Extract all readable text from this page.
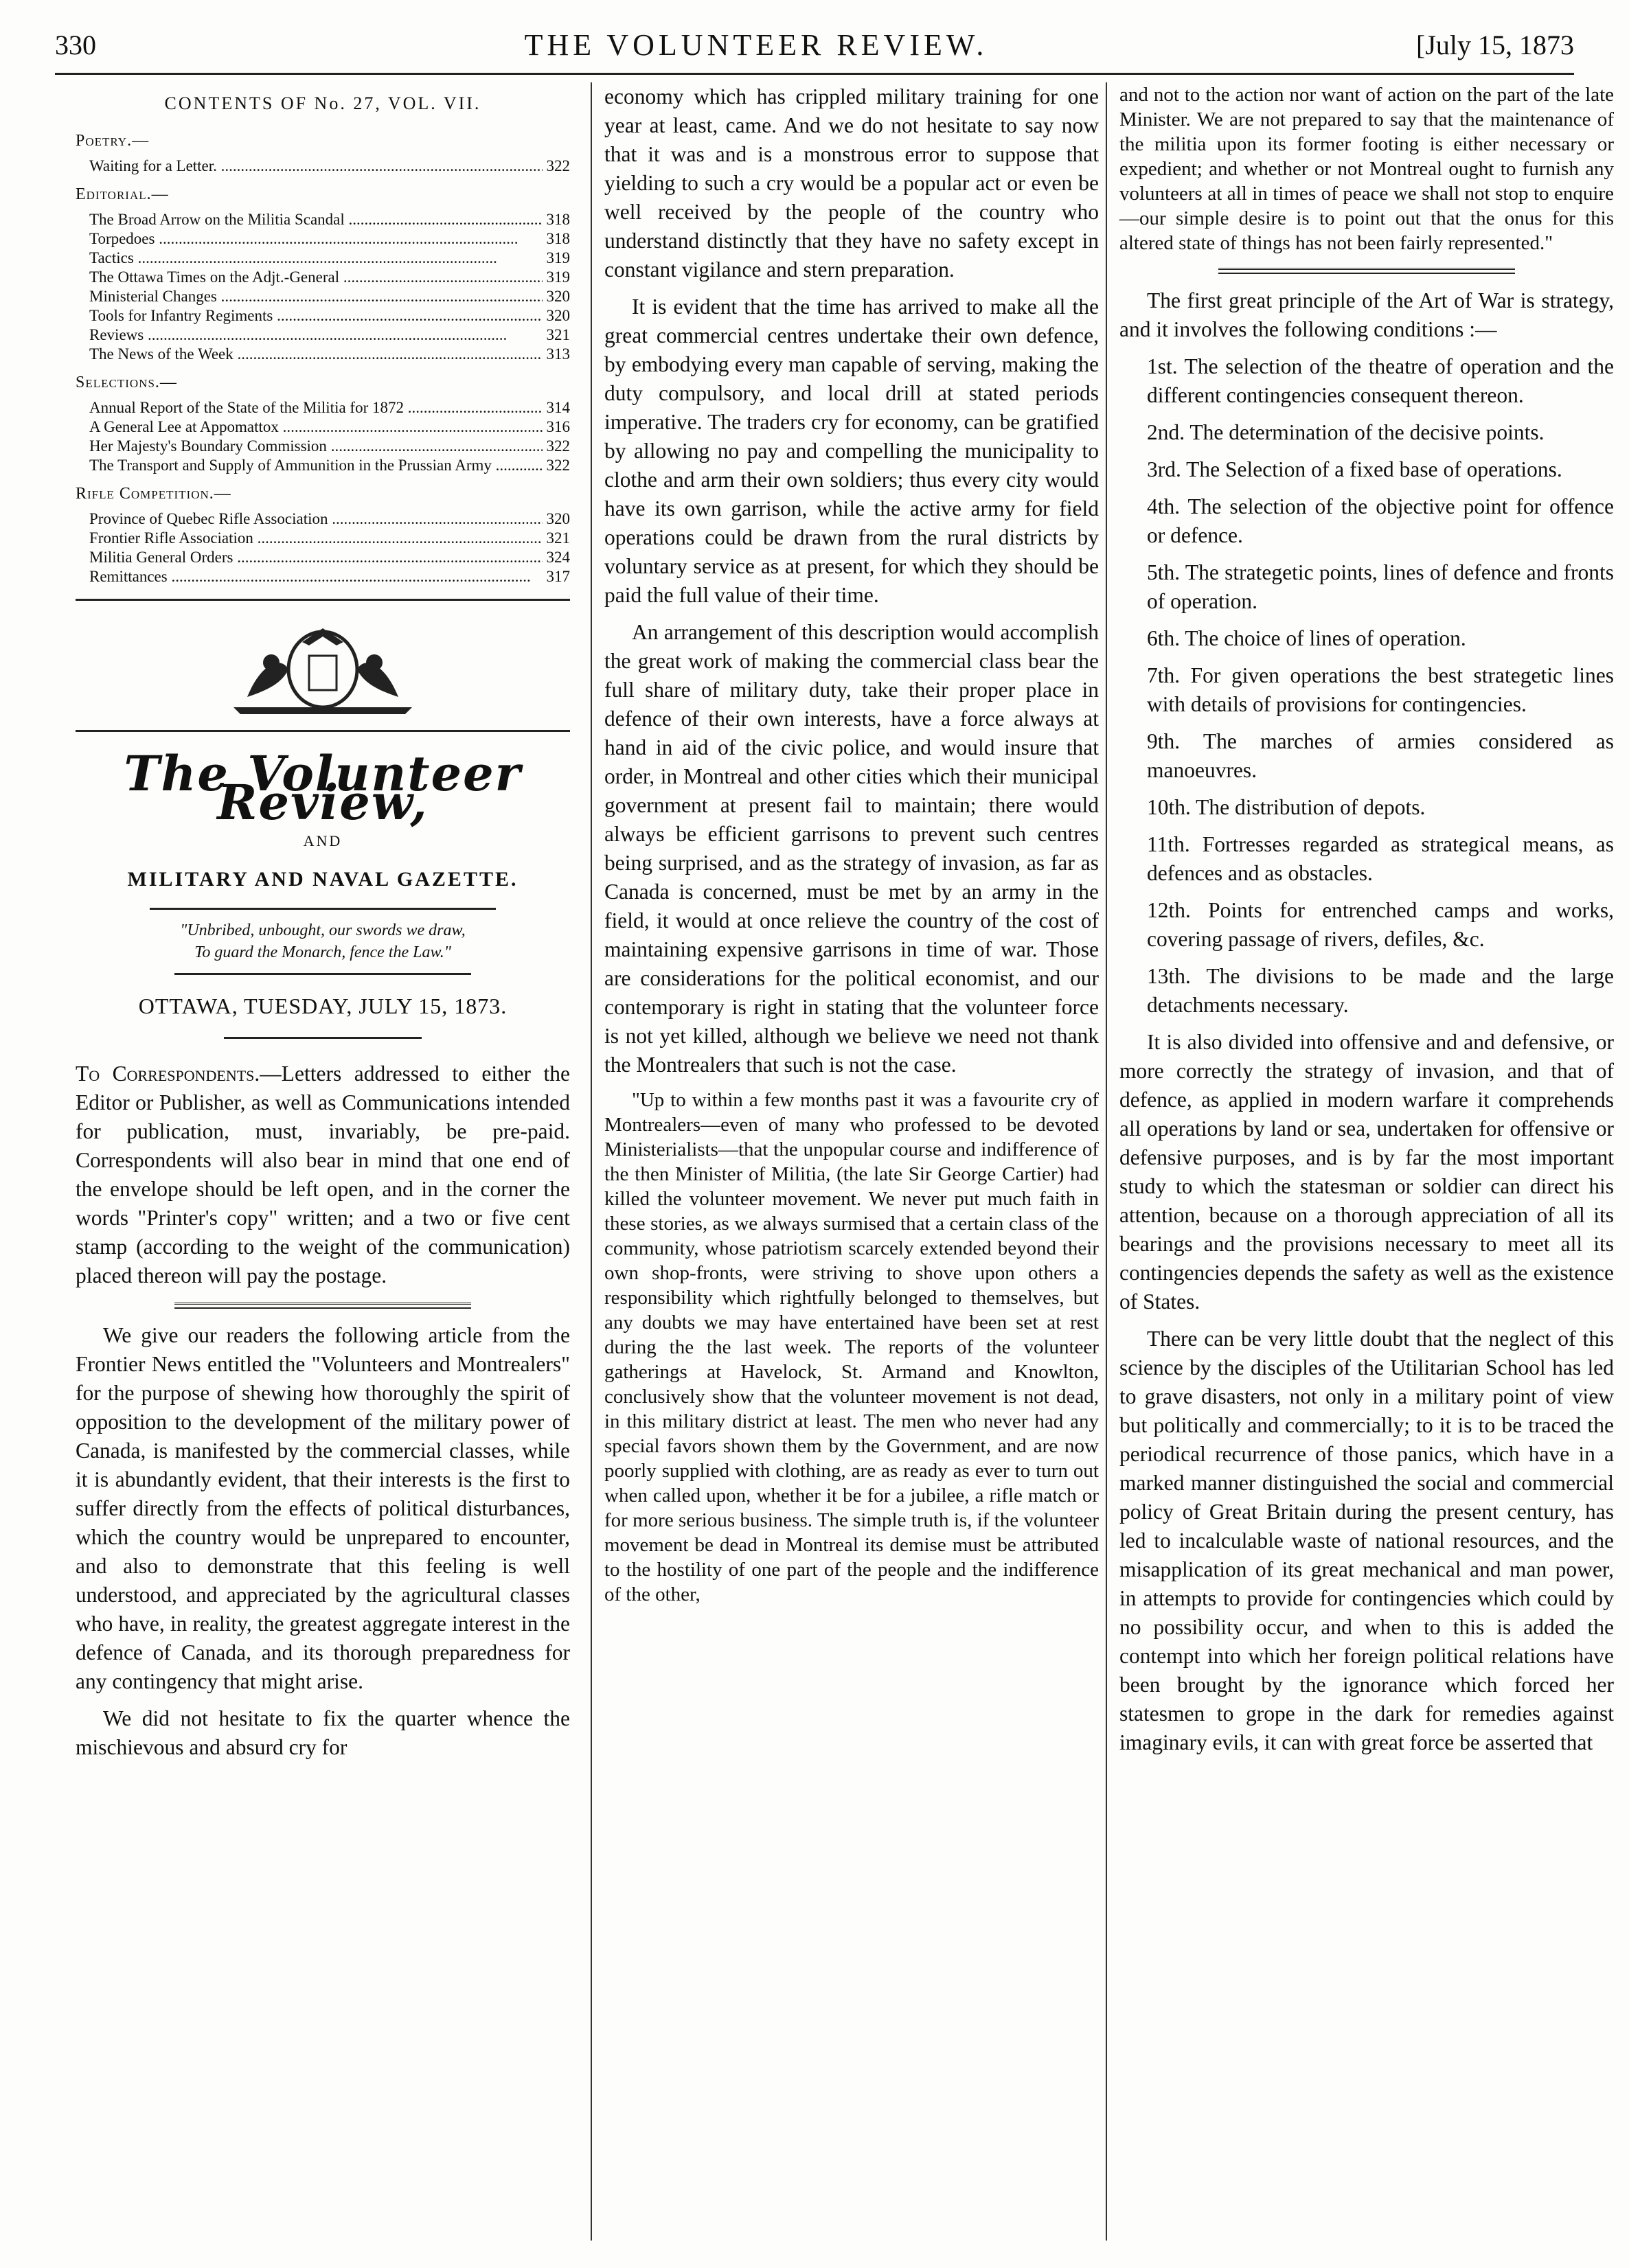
330	THE VOLUNTEER REVIEW.	[July 15, 1873
CONTENTS OF No. 27, VOL. VII.
Poetry.—
Waiting for a Letter. .....	322
Editorial.—
The Broad Arrow on the Militia Scandal .....	318
Torpedoes .....	318
Tactics .....	319
The Ottawa Times on the Adjt.-General .....	319
Ministerial Changes .....	320
Tools for Infantry Regiments .....	320
Reviews .....	321
The News of the Week .....	313
Selections.—
Annual Report of the State of the Militia for 1872 .....	314
A General Lee at Appomattox .....	316
Her Majesty's Boundary Commission .....	322
The Transport and Supply of Ammunition in the Prussian Army .....	322
Rifle Competition.—
Province of Quebec Rifle Association .....	320
Frontier Rifle Association .....	321
Militia General Orders .....	324
Remittances .....	317
The Volunteer Review,
AND
MILITARY AND NAVAL GAZETTE.
"Unbribed, unbought, our swords we draw,
To guard the Monarch, fence the Law."
OTTAWA, TUESDAY, JULY 15, 1873.

To Correspondents.—Letters addressed to either the Editor or Publisher, as well as Communications intended for publication, must, invariably, be pre-paid. Correspondents will also bear in mind that one end of the envelope should be left open, and in the corner the words "Printer's copy" written; and a two or five cent stamp (according to the weight of the communication) placed thereon will pay the postage.

We give our readers the following article from the Frontier News entitled the "Volunteers and Montrealers" for the purpose of shewing how thoroughly the spirit of opposition to the development of the military power of Canada, is manifested by the commercial classes, while it is abundantly evident, that their interests is the first to suffer directly from the effects of political disturbances, which the country would be unprepared to encounter, and also to demonstrate that this feeling is well understood, and appreciated by the agricultural classes who have, in reality, the greatest aggregate interest in the defence of Canada, and its thorough preparedness for any contingency that might arise.

We did not hesitate to fix the quarter whence the mischievous and absurd cry for

economy which has crippled military training for one year at least, came. And we do not hesitate to say now that it was and is a monstrous error to suppose that yielding to such a cry would be a popular act or even be well received by the people of the country who understand distinctly that they have no safety except in constant vigilance and stern preparation.

It is evident that the time has arrived to make all the great commercial centres undertake their own defence, by embodying every man capable of serving, making the duty compulsory, and local drill at stated periods imperative. The traders cry for economy, can be gratified by allowing no pay and compelling the municipality to clothe and arm their own soldiers; thus every city would have its own garrison, while the active army for field operations could be drawn from the rural districts by voluntary service as at present, for which they should be paid the full value of their time.

An arrangement of this description would accomplish the great work of making the commercial class bear the full share of military duty, take their proper place in defence of their own interests, have a force always at hand in aid of the civic police, and would insure that order, in Montreal and other cities which their municipal government at present fail to maintain; there would always be efficient garrisons to prevent such centres being surprised, and as the strategy of invasion, as far as Canada is concerned, must be met by an army in the field, it would at once relieve the country of the cost of maintaining expensive garrisons in time of war. Those are considerations for the political economist, and our contemporary is right in stating that the volunteer force is not yet killed, although we believe we need not thank the Montrealers that such is not the case.

"Up to within a few months past it was a favourite cry of Montrealers—even of many who professed to be devoted Ministerialists—that the unpopular course and indifference of the then Minister of Militia, (the late Sir George Cartier) had killed the volunteer movement. We never put much faith in these stories, as we always surmised that a certain class of the community, whose patriotism scarcely extended beyond their own shop-fronts, were striving to shove upon others a responsibility which rightfully belonged to themselves, but any doubts we may have entertained have been set at rest during the the last week. The reports of the volunteer gatherings at Havelock, St. Armand and Knowlton, conclusively show that the volunteer movement is not dead, in this military district at least. The men who never had any special favors shown them by the Government, and are now poorly supplied with clothing, are as ready as ever to turn out when called upon, whether it be for a jubilee, a rifle match or for more serious business. The simple truth is, if the volunteer movement be dead in Montreal its demise must be attributed to the hostility of one part of the people and the indifference of the other,

and not to the action nor want of action on the part of the late Minister. We are not prepared to say that the maintenance of the militia upon its former footing is either necessary or expedient; and whether or not Montreal ought to furnish any volunteers at all in times of peace we shall not stop to enquire—our simple desire is to point out that the onus for this altered state of things has not been fairly represented."

The first great principle of the Art of War is strategy, and it involves the following conditions :—

1st. The selection of the theatre of operation and the different contingencies consequent thereon.

2nd. The determination of the decisive points.

3rd. The Selection of a fixed base of operations.

4th. The selection of the objective point for offence or defence.

5th. The strategetic points, lines of defence and fronts of operation.

6th. The choice of lines of operation.

7th. For given operations the best strategetic lines with details of provisions for contingencies.

9th. The marches of armies considered as manoeuvres.

10th. The distribution of depots.

11th. Fortresses regarded as strategical means, as defences and as obstacles.

12th. Points for entrenched camps and works, covering passage of rivers, defiles, &c.

13th. The divisions to be made and the large detachments necessary.

It is also divided into offensive and and defensive, or more correctly the strategy of invasion, and that of defence, as applied in modern warfare it comprehends all operations by land or sea, undertaken for offensive or defensive purposes, and is by far the most important study to which the statesman or soldier can direct his attention, because on a thorough appreciation of all its bearings and the provisions necessary to meet all its contingencies depends the safety as well as the existence of States.

There can be very little doubt that the neglect of this science by the disciples of the Utilitarian School has led to grave disasters, not only in a military point of view but politically and commercially; to it is to be traced the periodical recurrence of those panics, which have in a marked manner distinguished the social and commercial policy of Great Britain during the present century, has led to incalculable waste of national resources, and the misapplication of its great mechanical and man power, in attempts to provide for contingencies which could by no possibility occur, and when to this is added the contempt into which her foreign political relations have been brought by the ignorance which forced her statesmen to grope in the dark for remedies against imaginary evils, it can with great force be asserted that
